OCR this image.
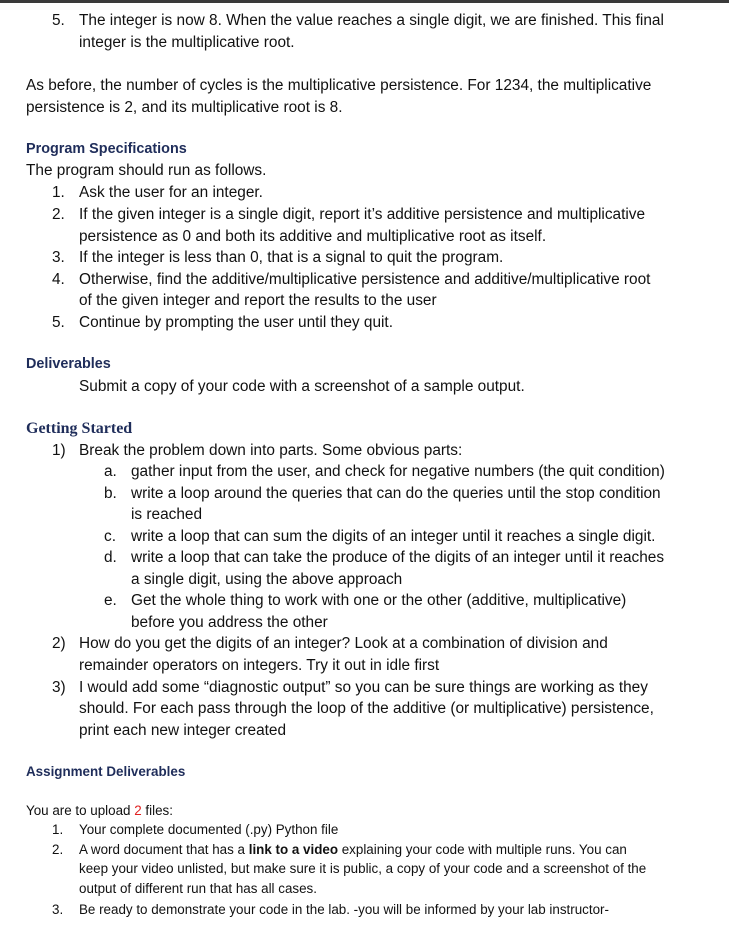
5. The integer is now 8. When the value reaches a single digit, we are finished. This final
integer is the multiplicative root.
As before, the number of cycles is the multiplicative persistence. For 1234, the multiplicative
persistence is 2, and its multiplicative root is 8.
Program Specifications
The program should run as follows.
1. Ask the user for an integer.
2. If the given integer is a single digit, report it’s additive persistence and multiplicative
persistence as 0 and both its additive and multiplicative root as itself.
3. If the integer is less than 0, that is a signal to quit the program.
4. Otherwise, find the additive/multiplicative persistence and additive/multiplicative root
of the given integer and report the results to the user
5. Continue by prompting the user until they quit.
Deliverables
Submit a copy of your code with a screenshot of a sample output.
Getting Started
1) Break the problem down into parts. Some obvious parts:
a. gather input from the user, and check for negative numbers (the quit condition)
b. write a loop around the queries that can do the queries until the stop condition
is reached
c. write a loop that can sum the digits of an integer until it reaches a single digit.
d. write a loop that can take the produce of the digits of an integer until it reaches
a single digit, using the above approach
e. Get the whole thing to work with one or the other (additive, multiplicative)
before you address the other
2) How do you get the digits of an integer? Look at a combination of division and
remainder operators on integers. Try it out in idle first
3) I would add some “diagnostic output” so you can be sure things are working as they
should. For each pass through the loop of the additive (or multiplicative) persistence,
print each new integer created
Assignment Deliverables
You are to upload 2 files:
1. Your complete documented (.py) Python file
2. A word document that has a link to a video explaining your code with multiple runs. You can
keep your video unlisted, but make sure it is public, a copy of your code and a screenshot of the
output of different run that has all cases.
3. Be ready to demonstrate your code in the lab. -you will be informed by your lab instructor-
